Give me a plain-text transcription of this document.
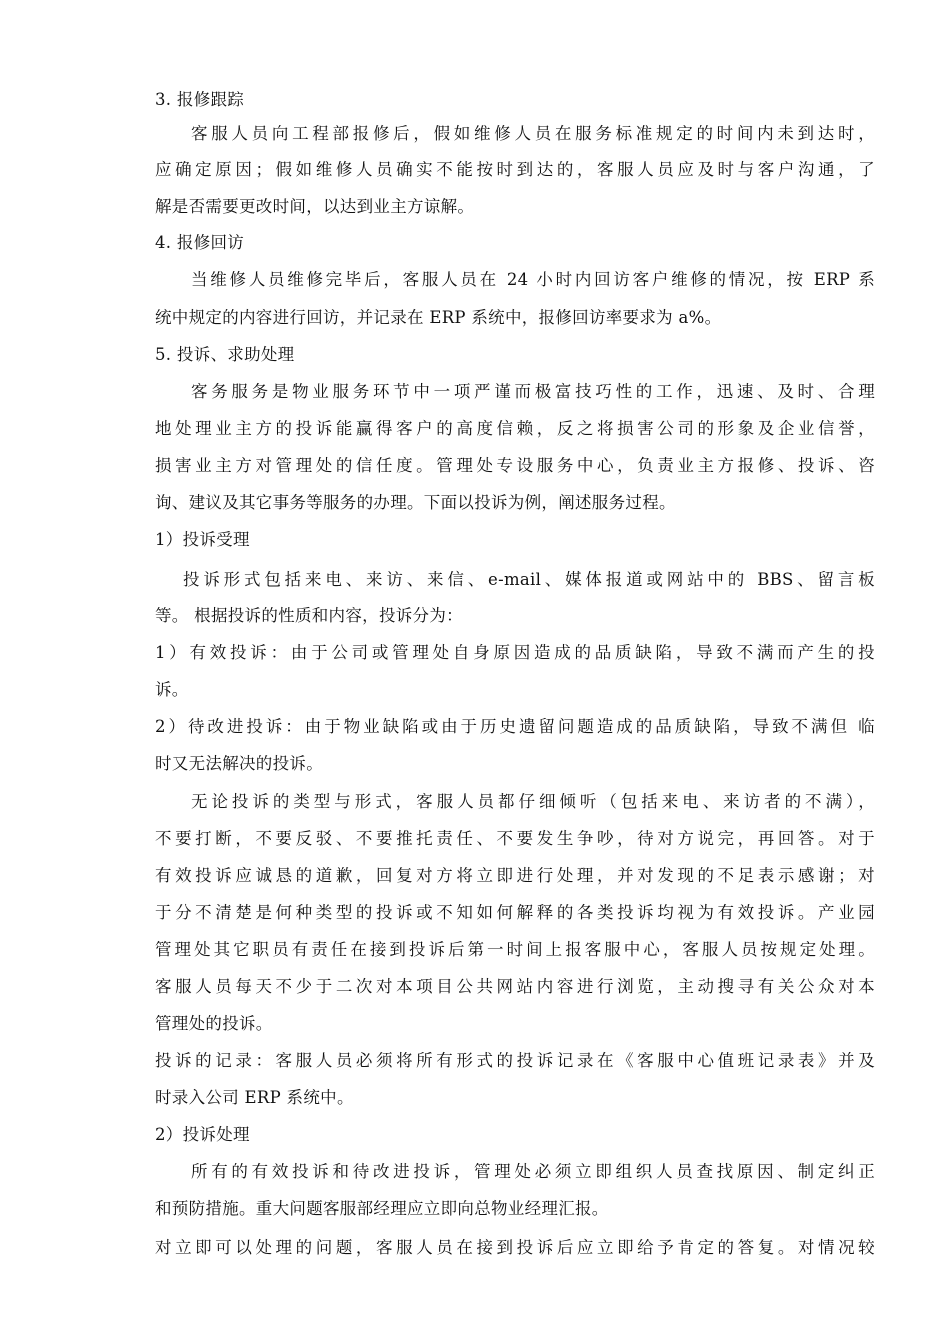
3. 报修跟踪
客服人员向工程部报修后，假如维修人员在服务标准规定的时间内未到达时，
应确定原因；假如维修人员确实不能按时到达的，客服人员应及时与客户沟通，了
解是否需要更改时间，以达到业主方谅解。
4. 报修回访
当维修人员维修完毕后，客服人员在 24 小时内回访客户维修的情况，按 ERP 系
统中规定的内容进行回访，并记录在 ERP 系统中，报修回访率要求为 a%。
5. 投诉、求助处理
客务服务是物业服务环节中一项严谨而极富技巧性的工作，迅速、及时、合理
地处理业主方的投诉能赢得客户的高度信赖，反之将损害公司的形象及企业信誉，
损害业主方对管理处的信任度。管理处专设服务中心，负责业主方报修、投诉、咨
询、建议及其它事务等服务的办理。下面以投诉为例，阐述服务过程。
1）投诉受理
投诉形式包括来电、来访、来信、e-mail、媒体报道或网站中的 BBS、留言板
等。 根据投诉的性质和内容，投诉分为：
1）有效投诉：由于公司或管理处自身原因造成的品质缺陷，导致不满而产生的投
诉。
2）待改进投诉：由于物业缺陷或由于历史遗留问题造成的品质缺陷，导致不满但 临
时又无法解决的投诉。
无论投诉的类型与形式，客服人员都仔细倾听（包括来电、来访者的不满），
不要打断，不要反驳、不要推托责任、不要发生争吵，待对方说完，再回答。对于
有效投诉应诚恳的道歉，回复对方将立即进行处理，并对发现的不足表示感谢；对
于分不清楚是何种类型的投诉或不知如何解释的各类投诉均视为有效投诉。产业园
管理处其它职员有责任在接到投诉后第一时间上报客服中心，客服人员按规定处理。
客服人员每天不少于二次对本项目公共网站内容进行浏览，主动搜寻有关公众对本
管理处的投诉。
投诉的记录：客服人员必须将所有形式的投诉记录在《客服中心值班记录表》并及
时录入公司 ERP 系统中。
2）投诉处理
所有的有效投诉和待改进投诉，管理处必须立即组织人员查找原因、制定纠正
和预防措施。重大问题客服部经理应立即向总物业经理汇报。
对立即可以处理的问题，客服人员在接到投诉后应立即给予肯定的答复。对情况较
